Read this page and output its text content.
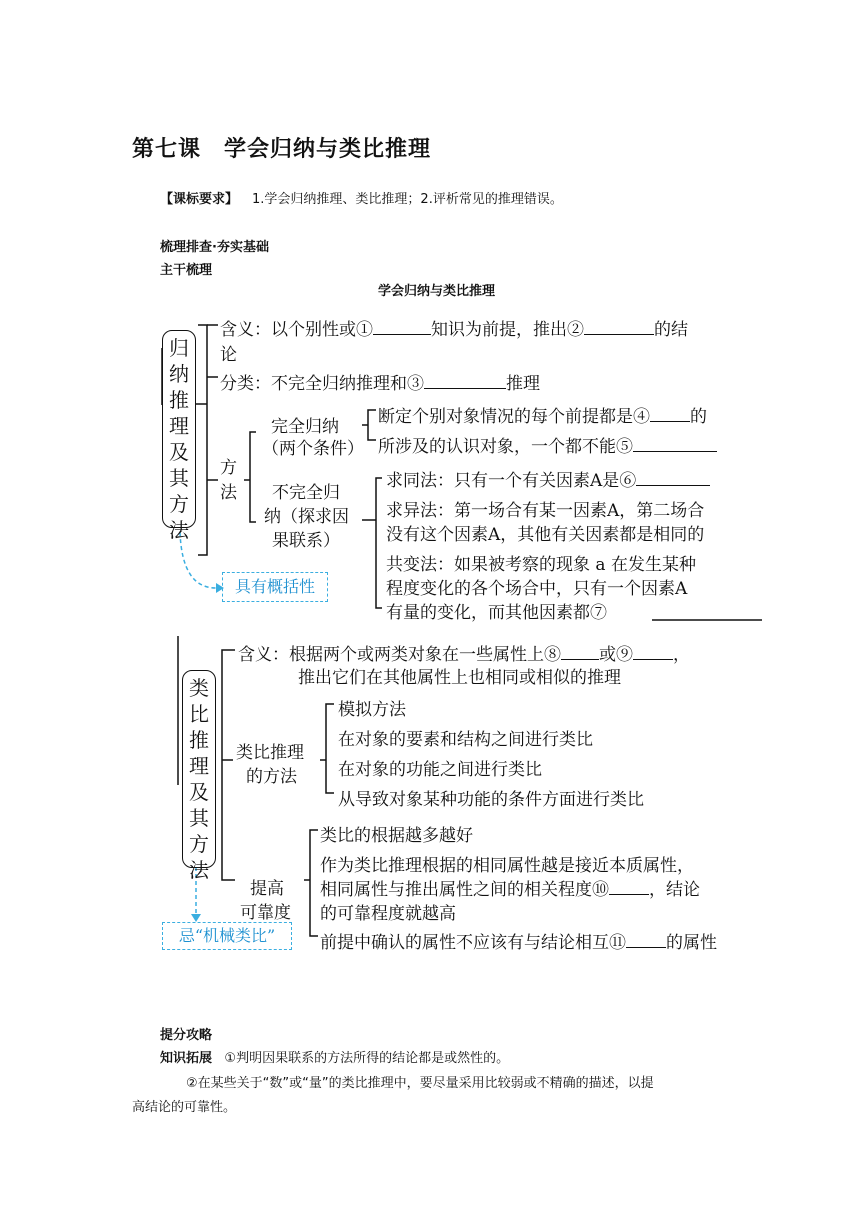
第七课　学会归纳与类比推理
【课标要求】 1.学会归纳推理、类比推理；2.评析常见的推理错误。
梳理排查·夯实基础
主干梳理
学会归纳与类比推理
归纳推理及其方法
含义：以个别性或①	知识为前提，推出②	的结
论
分类：不完全归纳推理和③	推理
方法
完全归纳
（两个条件）
断定个别对象情况的每个前提都是④ 的
所涉及的认识对象，一个都不能⑤
不完全归
纳（探求因
果联系）
求同法：只有一个有关因素A是⑥
求异法：第一场合有某一因素A，第二场合
没有这个因素A，其他有关因素都是相同的
共变法：如果被考察的现象 a 在发生某种
程度变化的各个场合中，只有一个因素A
有量的变化，而其他因素都⑦
具有概括性
类比推理及其方法
含义：根据两个或两类对象在一些属性上⑧ 或⑨ ，
推出它们在其他属性上也相同或相似的推理
类比推理
的方法
模拟方法
在对象的要素和结构之间进行类比
在对象的功能之间进行类比
从导致对象某种功能的条件方面进行类比
提高
可靠度
类比的根据越多越好
作为类比推理根据的相同属性越是接近本质属性，
相同属性与推出属性之间的相关程度⑩ ，结论
的可靠程度就越高
前提中确认的属性不应该有与结论相互⑪ 的属性
忌“机械类比”
提分攻略
知识拓展 ①判明因果联系的方法所得的结论都是或然性的。
②在某些关于“数”或“量”的类比推理中，要尽量采用比较弱或不精确的描述，以提
高结论的可靠性。
